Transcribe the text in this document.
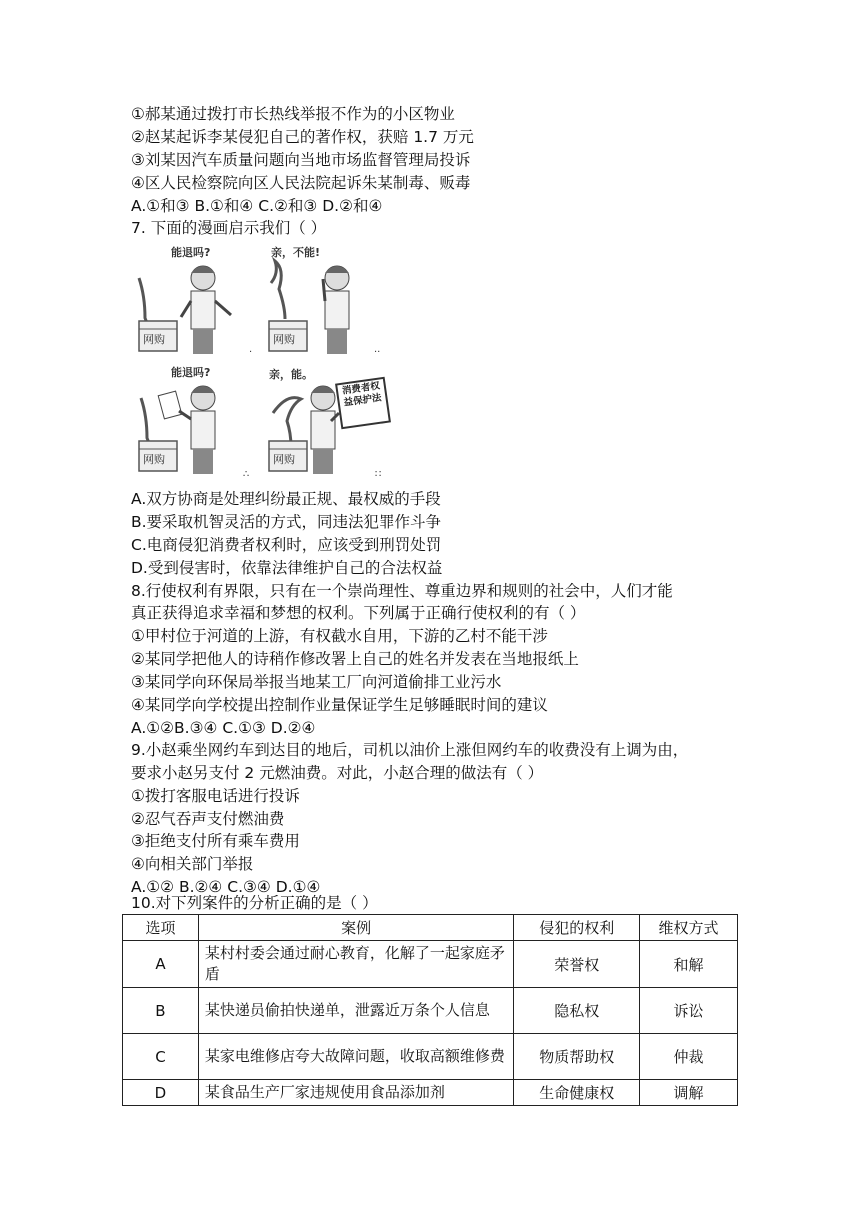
①郝某通过拨打市长热线举报不作为的小区物业
②赵某起诉李某侵犯自己的著作权，获赔 1.7 万元
③刘某因汽车质量问题向当地市场监督管理局投诉
④区人民检察院向区人民法院起诉朱某制毒、贩毒
A.①和③ B.①和④ C.②和③ D.②和④
7. 下面的漫画启示我们（ ）
网购
能退吗?
·
网购
亲，不能!
··
网购
能退吗?
∴
网购
亲，能。
消费者权益保护法
∷
A.双方协商是处理纠纷最正规、最权威的手段
B.要采取机智灵活的方式，同违法犯罪作斗争
C.电商侵犯消费者权利时，应该受到刑罚处罚
D.受到侵害时，依靠法律维护自己的合法权益
8.行使权利有界限，只有在一个崇尚理性、尊重边界和规则的社会中，人们才能
真正获得追求幸福和梦想的权利。下列属于正确行使权利的有（ ）
①甲村位于河道的上游，有权截水自用，下游的乙村不能干涉
②某同学把他人的诗稍作修改署上自己的姓名并发表在当地报纸上
③某同学向环保局举报当地某工厂向河道偷排工业污水
④某同学向学校提出控制作业量保证学生足够睡眠时间的建议
A.①②B.③④ C.①③ D.②④
9.小赵乘坐网约车到达目的地后，司机以油价上涨但网约车的收费没有上调为由，
要求小赵另支付 2 元燃油费。对此，小赵合理的做法有（ ）
①拨打客服电话进行投诉
②忍气吞声支付燃油费
③拒绝支付所有乘车费用
④向相关部门举报
A.①② B.②④ C.③④ D.①④
10.对下列案件的分析正确的是（ ）
选项	案例	侵犯的权利	维权方式
A	某村村委会通过耐心教育，化解了一起家庭矛盾	荣誉权	和解
B	某快递员偷拍快递单，泄露近万条个人信息	隐私权	诉讼
C	某家电维修店夸大故障问题，收取高额维修费	物质帮助权	仲裁
D	某食品生产厂家违规使用食品添加剂	生命健康权	调解
